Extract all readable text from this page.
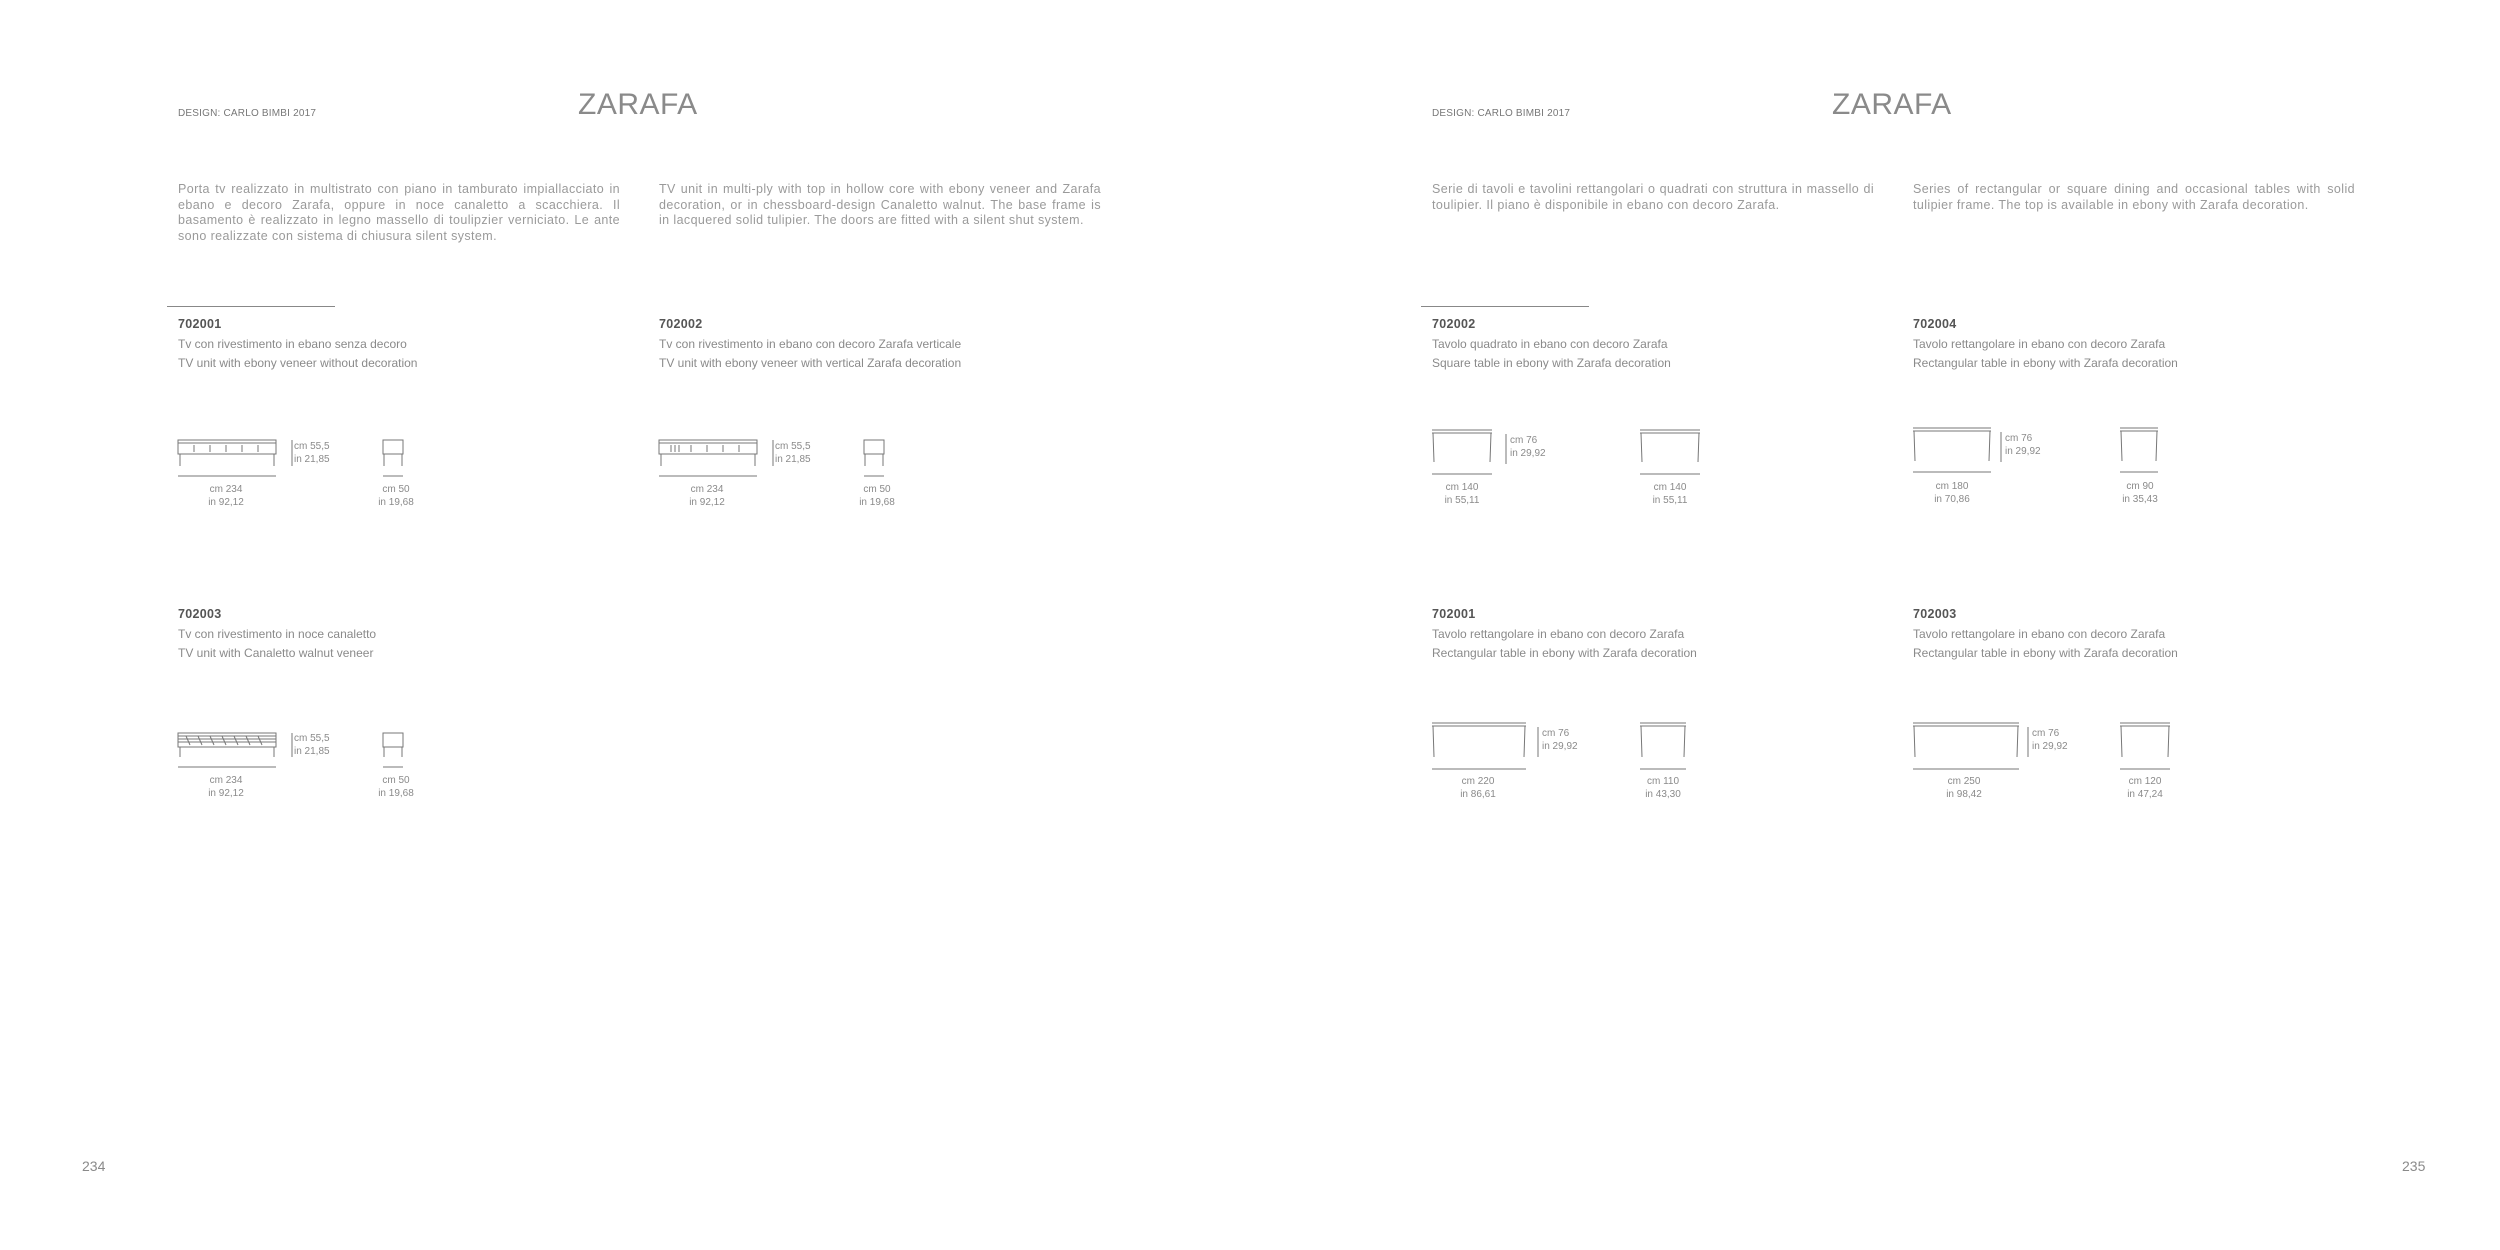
DESIGN: CARLO BIMBI 2017	ZARAFA
Porta tv realizzato in multistrato con piano in tamburato impiallacciato in ebano e decoro Zarafa, oppure in noce canaletto a scacchiera. Il basamento è realizzato in legno massello di toulipzier verniciato. Le ante sono realizzate con sistema di chiusura silent system.
TV unit in multi-ply with top in hollow core with ebony veneer and Zarafa decoration, or in chessboard-design Canaletto walnut. The base frame is in lacquered solid tulipier. The doors are fitted with a silent shut system.
702001
Tv con rivestimento in ebano senza decoro
TV unit with ebony veneer without decoration
cm 55,5
in 21,85
cm 234
in 92,12
cm 50
in 19,68
702002
Tv con rivestimento in ebano con decoro Zarafa verticale
TV unit with ebony veneer with vertical Zarafa decoration
cm 55,5
in 21,85
cm 234
in 92,12
cm 50
in 19,68
702003
Tv con rivestimento in noce canaletto
TV unit with Canaletto walnut veneer
cm 55,5
in 21,85
cm 234
in 92,12
cm 50
in 19,68
234
DESIGN: CARLO BIMBI 2017	ZARAFA
Serie di tavoli e tavolini rettangolari o quadrati con struttura in massello di toulipier. Il piano è disponibile in ebano con decoro Zarafa.
Series of rectangular or square dining and occasional tables with solid tulipier frame. The top is available in ebony with Zarafa decoration.
702002
Tavolo quadrato in ebano con decoro Zarafa
Square table in ebony with Zarafa decoration
cm 76
in 29,92
cm 140
in 55,11
cm 140
in 55,11
702004
Tavolo rettangolare in ebano con decoro Zarafa
Rectangular table in ebony with Zarafa decoration
cm 76
in 29,92
cm 180
in 70,86
cm 90
in 35,43
702001
Tavolo rettangolare in ebano con decoro Zarafa
Rectangular table in ebony with Zarafa decoration
cm 76
in 29,92
cm 220
in 86,61
cm 110
in 43,30
702003
Tavolo rettangolare in ebano con decoro Zarafa
Rectangular table in ebony with Zarafa decoration
cm 76
in 29,92
cm 250
in 98,42
cm 120
in 47,24
235
